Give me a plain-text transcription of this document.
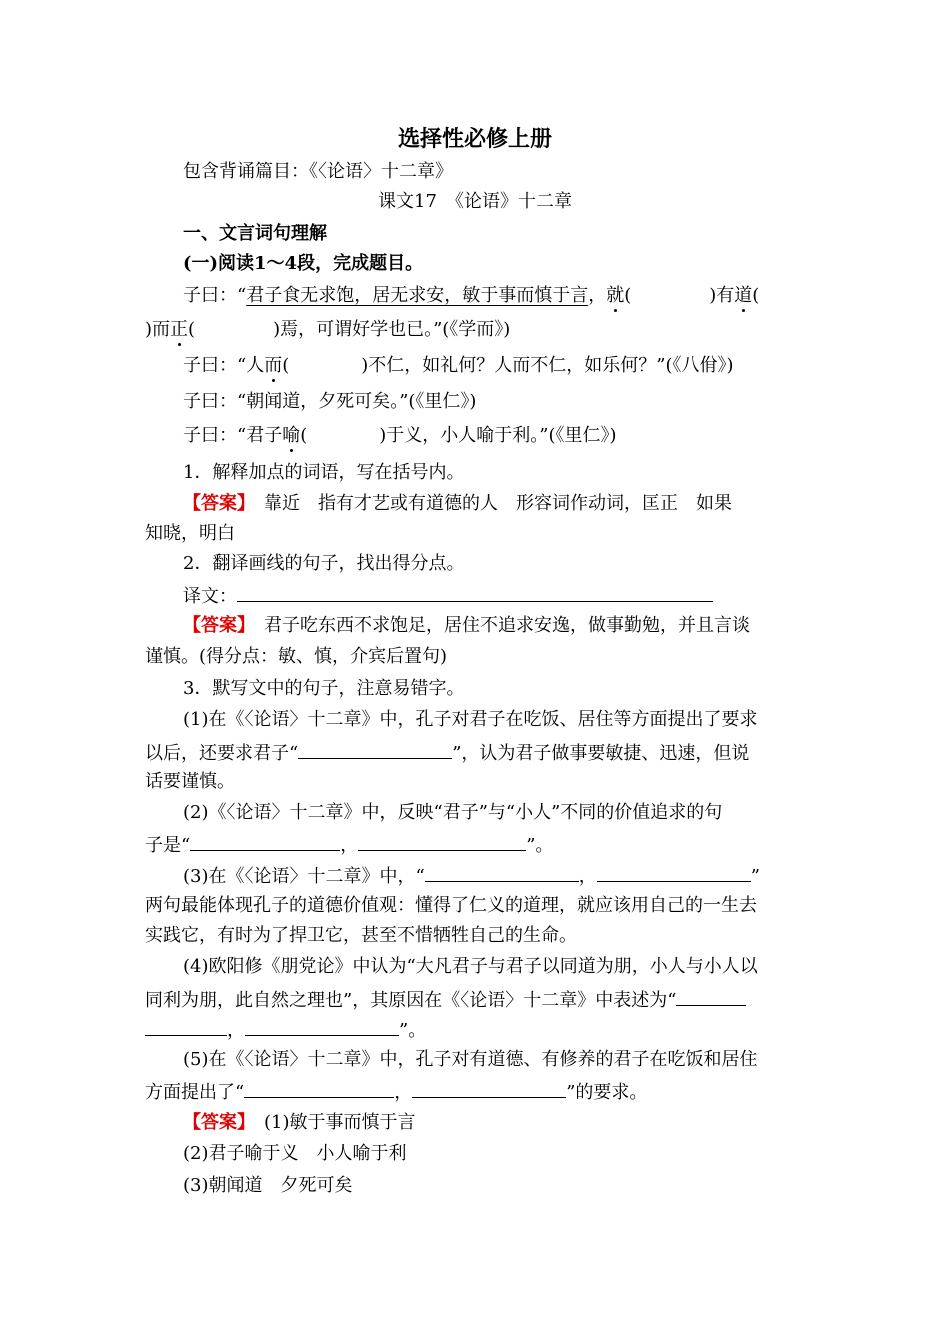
选择性必修上册
包含背诵篇目：《〈论语〉十二章》
课文17　《论语》十二章
一、文言词句理解
(一)阅读1～4段，完成题目。
子曰：“君子食无求饱，居无求安，敏于事而慎于言，就(	)有道(
)而正(	)焉，可谓好学也已。”(《学而》)
子曰：“人而(　　　　)不仁，如礼何？人而不仁，如乐何？”(《八佾》)
子曰：“朝闻道，夕死可矣。”(《里仁》)
子曰：“君子喻(　　　　)于义，小人喻于利。”(《里仁》)
1．解释加点的词语，写在括号内。
【答案】　靠近　指有才艺或有道德的人　形容词作动词，匡正　如果
知晓，明白
2．翻译画线的句子，找出得分点。
译文：
【答案】　君子吃东西不求饱足，居住不追求安逸，做事勤勉，并且言谈
谨慎。(得分点：敏、慎，介宾后置句)
3．默写文中的句子，注意易错字。
(1)在《〈论语〉十二章》中，孔子对君子在吃饭、居住等方面提出了要求
以后，还要求君子“	”，认为君子做事要敏捷、迅速，但说
话要谨慎。
(2)《〈论语〉十二章》中，反映“君子”与“小人”不同的价值追求的句
子是“	，	”。
(3)在《〈论语〉十二章》中，“	，	”
两句最能体现孔子的道德价值观：懂得了仁义的道理，就应该用自己的一生去
实践它，有时为了捍卫它，甚至不惜牺牲自己的生命。
(4)欧阳修《朋党论》中认为“大凡君子与君子以同道为朋，小人与小人以
同利为朋，此自然之理也”，其原因在《〈论语〉十二章》中表述为“
，	”。
(5)在《〈论语〉十二章》中，孔子对有道德、有修养的君子在吃饭和居住
方面提出了“	，	”的要求。
【答案】　(1)敏于事而慎于言
(2)君子喻于义　小人喻于利
(3)朝闻道　夕死可矣
